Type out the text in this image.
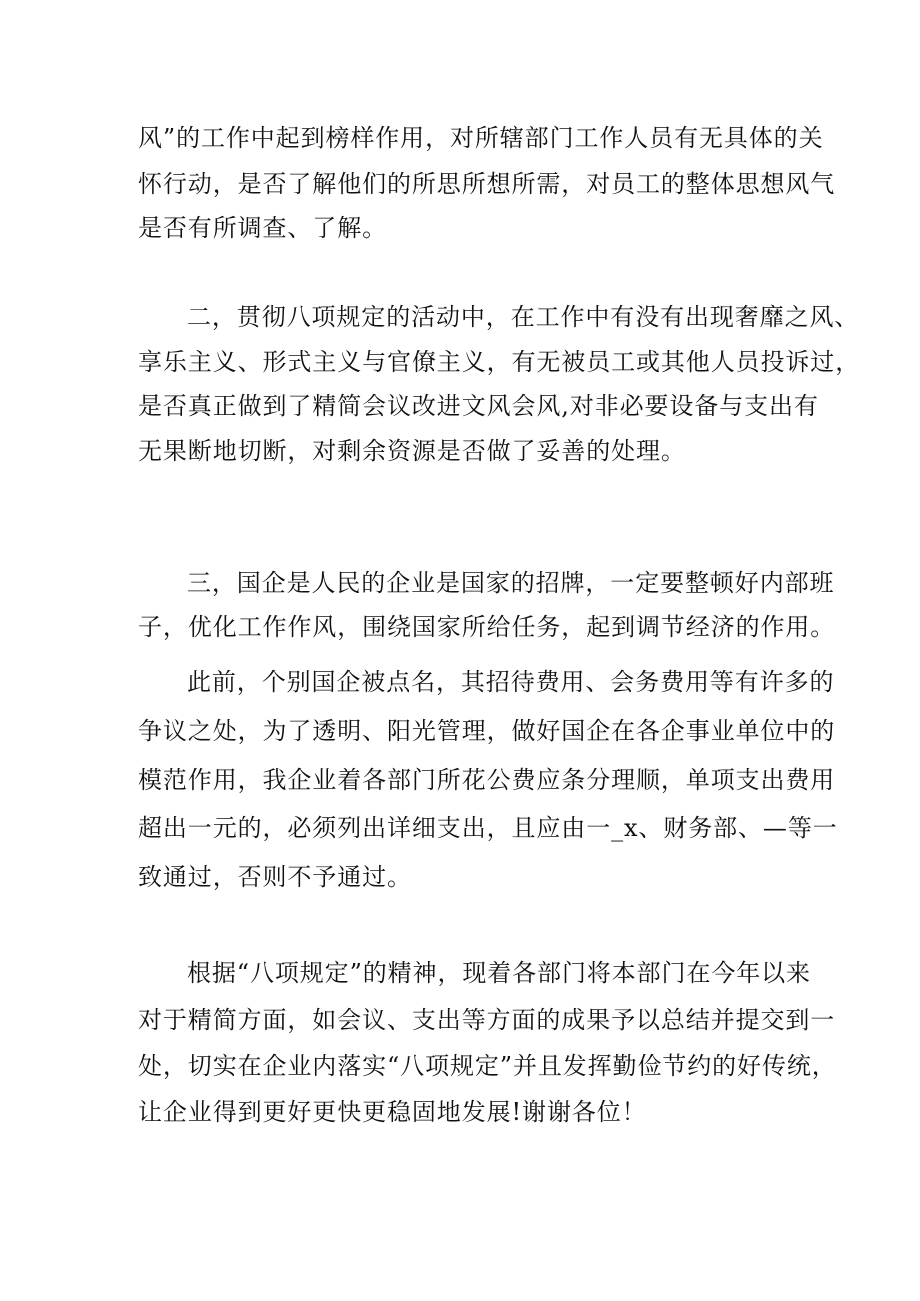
风”的工作中起到榜样作用，对所辖部门工作人员有无具体的关
怀行动，是否了解他们的所思所想所需，对员工的整体思想风气
是否有所调查、了解。
二，贯彻八项规定的活动中，在工作中有没有出现奢靡之风、
享乐主义、形式主义与官僚主义，有无被员工或其他人员投诉过，
是否真正做到了精简会议改进文风会风,对非必要设备与支出有
无果断地切断，对剩余资源是否做了妥善的处理。
三，国企是人民的企业是国家的招牌，一定要整顿好内部班
子，优化工作作风，围绕国家所给任务，起到调节经济的作用。
此前，个别国企被点名，其招待费用、会务费用等有许多的
争议之处，为了透明、阳光管理，做好国企在各企事业单位中的
模范作用，我企业着各部门所花公费应条分理顺，单项支出费用
超出一元的，必须列出详细支出，且应由一_x、财务部、—等一
致通过，否则不予通过。
根据“八项规定”的精神，现着各部门将本部门在今年以来
对于精简方面，如会议、支出等方面的成果予以总结并提交到一
处，切实在企业内落实“八项规定”并且发挥勤俭节约的好传统，
让企业得到更好更快更稳固地发展!谢谢各位！
